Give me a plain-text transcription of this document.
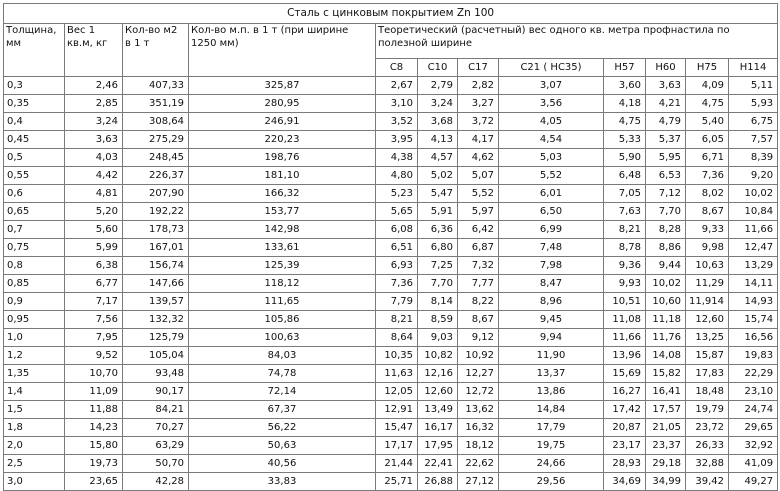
Сталь с цинковым покрытием Zn 100											
Толщина, мм	Вес 1 кв.м, кг	Кол-во м2 в 1 т	Кол-во м.п. в 1 т (при ширине 1250 мм)	Теоретический (расчетный) вес одного кв. метра профнастила по полезной ширине							
				С8	С10	С17	С21 ( НС35)	Н57	Н60	Н75	Н114
0,3	2,46	407,33	325,87	2,67	2,79	2,82	3,07	3,60	3,63	4,09	5,11
0,35	2,85	351,19	280,95	3,10	3,24	3,27	3,56	4,18	4,21	4,75	5,93
0,4	3,24	308,64	246,91	3,52	3,68	3,72	4,05	4,75	4,79	5,40	6,75
0,45	3,63	275,29	220,23	3,95	4,13	4,17	4,54	5,33	5,37	6,05	7,57
0,5	4,03	248,45	198,76	4,38	4,57	4,62	5,03	5,90	5,95	6,71	8,39
0,55	4,42	226,37	181,10	4,80	5,02	5,07	5,52	6,48	6,53	7,36	9,20
0,6	4,81	207,90	166,32	5,23	5,47	5,52	6,01	7,05	7,12	8,02	10,02
0,65	5,20	192,22	153,77	5,65	5,91	5,97	6,50	7,63	7,70	8,67	10,84
0,7	5,60	178,73	142,98	6,08	6,36	6,42	6,99	8,21	8,28	9,33	11,66
0,75	5,99	167,01	133,61	6,51	6,80	6,87	7,48	8,78	8,86	9,98	12,47
0,8	6,38	156,74	125,39	6,93	7,25	7,32	7,98	9,36	9,44	10,63	13,29
0,85	6,77	147,66	118,12	7,36	7,70	7,77	8,47	9,93	10,02	11,29	14,11
0,9	7,17	139,57	111,65	7,79	8,14	8,22	8,96	10,51	10,60	11,914	14,93
0,95	7,56	132,32	105,86	8,21	8,59	8,67	9,45	11,08	11,18	12,60	15,74
1,0	7,95	125,79	100,63	8,64	9,03	9,12	9,94	11,66	11,76	13,25	16,56
1,2	9,52	105,04	84,03	10,35	10,82	10,92	11,90	13,96	14,08	15,87	19,83
1,35	10,70	93,48	74,78	11,63	12,16	12,27	13,37	15,69	15,82	17,83	22,29
1,4	11,09	90,17	72,14	12,05	12,60	12,72	13,86	16,27	16,41	18,48	23,10
1,5	11,88	84,21	67,37	12,91	13,49	13,62	14,84	17,42	17,57	19,79	24,74
1,8	14,23	70,27	56,22	15,47	16,17	16,32	17,79	20,87	21,05	23,72	29,65
2,0	15,80	63,29	50,63	17,17	17,95	18,12	19,75	23,17	23,37	26,33	32,92
2,5	19,73	50,70	40,56	21,44	22,41	22,62	24,66	28,93	29,18	32,88	41,09
3,0	23,65	42,28	33,83	25,71	26,88	27,12	29,56	34,69	34,99	39,42	49,27
